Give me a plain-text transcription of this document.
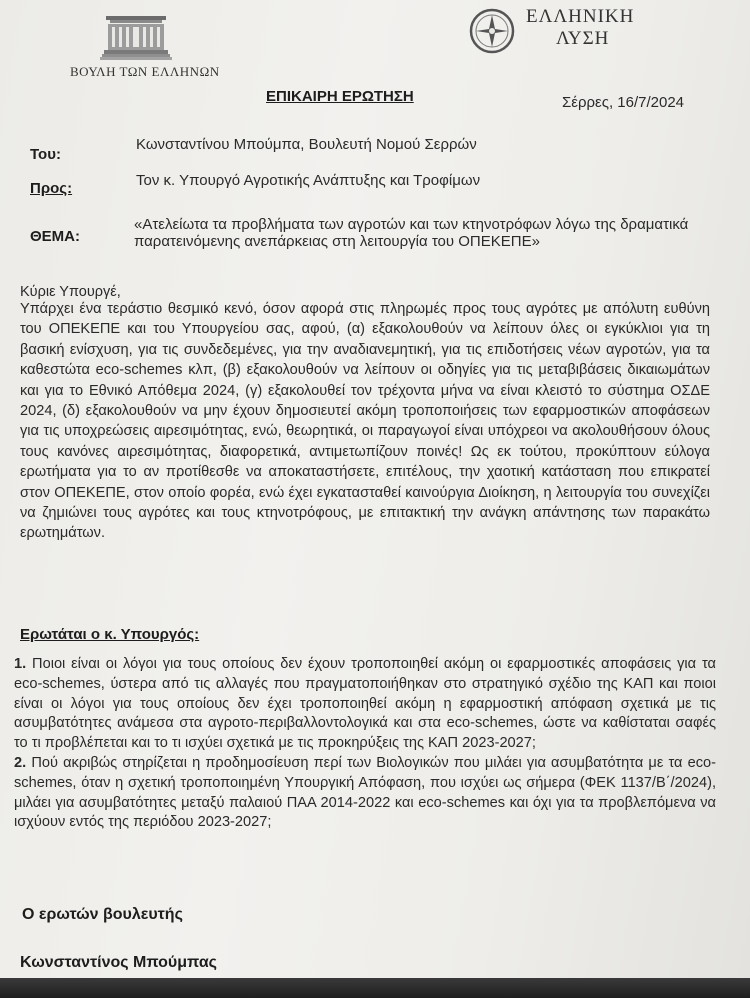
ΒΟΥΛΗ ΤΩΝ ΕΛΛΗΝΩΝ
ΕΛΛΗΝΙΚΗ
ΛΥΣΗ
ΕΠΙΚΑΙΡΗ ΕΡΩΤΗΣΗ	Σέρρες, 16/7/2024
Του:
Κωνσταντίνου Μπούμπα, Βουλευτή Νομού Σερρών
Προς:	Τον κ. Υπουργό Αγροτικής Ανάπτυξης και Τροφίμων
ΘΕΜΑ:
«Ατελείωτα τα προβλήματα των αγροτών και των κτηνοτρόφων λόγω της δραματικά παρατεινόμενης ανεπάρκειας στη λειτουργία του ΟΠΕΚΕΠΕ»
Κύριε Υπουργέ,
Υπάρχει ένα τεράστιο θεσμικό κενό, όσον αφορά στις πληρωμές προς τους αγρότες με απόλυτη ευθύνη του ΟΠΕΚΕΠΕ και του Υπουργείου σας, αφού, (α) εξακολουθούν να λείπουν όλες οι εγκύκλιοι για τη βασική ενίσχυση, για τις συνδεδεμένες, για την αναδιανεμητική, για τις επιδοτήσεις νέων αγροτών, για τα καθεστώτα eco-schemes κλπ, (β) εξακολουθούν να λείπουν οι οδηγίες για τις μεταβιβάσεις δικαιωμάτων και για το Εθνικό Απόθεμα 2024, (γ) εξακολουθεί τον τρέχοντα μήνα να είναι κλειστό το σύστημα ΟΣΔΕ 2024, (δ) εξακολουθούν να μην έχουν δημοσιευτεί ακόμη τροποποιήσεις των εφαρμοστικών αποφάσεων για τις υποχρεώσεις αιρεσιμότητας, ενώ, θεωρητικά, οι παραγωγοί είναι υπόχρεοι να ακολουθήσουν όλους τους κανόνες αιρεσιμότητας, διαφορετικά, αντιμετωπίζουν ποινές! Ως εκ τούτου, προκύπτουν εύλογα ερωτήματα για το αν προτίθεσθε να αποκαταστήσετε, επιτέλους, την χαοτική κατάσταση που επικρατεί στον ΟΠΕΚΕΠΕ, στον οποίο φορέα, ενώ έχει εγκατασταθεί καινούργια Διοίκηση, η λειτουργία του συνεχίζει να ζημιώνει τους αγρότες και τους κτηνοτρόφους, με επιτακτική την ανάγκη απάντησης των παρακάτω ερωτημάτων.
Ερωτάται ο κ. Υπουργός:

1. Ποιοι είναι οι λόγοι για τους οποίους δεν έχουν τροποποιηθεί ακόμη οι εφαρμοστικές αποφάσεις για τα eco-schemes, ύστερα από τις αλλαγές που πραγματοποιήθηκαν στο στρατηγικό σχέδιο της ΚΑΠ και ποιοι είναι οι λόγοι για τους οποίους δεν έχει τροποποιηθεί ακόμη η εφαρμοστική απόφαση σχετικά με τις ασυμβατότητες ανάμεσα στα αγροτο-περιβαλλοντολογικά και στα eco-schemes, ώστε να καθίσταται σαφές το τι προβλέπεται και το τι ισχύει σχετικά με τις προκηρύξεις της ΚΑΠ 2023-2027;

2. Πού ακριβώς στηρίζεται η προδημοσίευση περί των Βιολογικών που μιλάει για ασυμβατότητα με τα eco-schemes, όταν η σχετική τροποποιημένη Υπουργική Απόφαση, που ισχύει ως σήμερα (ΦΕΚ 1137/Β΄/2024), μιλάει για ασυμβατότητες μεταξύ παλαιού ΠΑΑ 2014-2022 και eco-schemes και όχι για τα προβλεπόμενα να ισχύουν εντός της περιόδου 2023-2027;

Ο ερωτών βουλευτής
Κωνσταντίνος Μπούμπας
